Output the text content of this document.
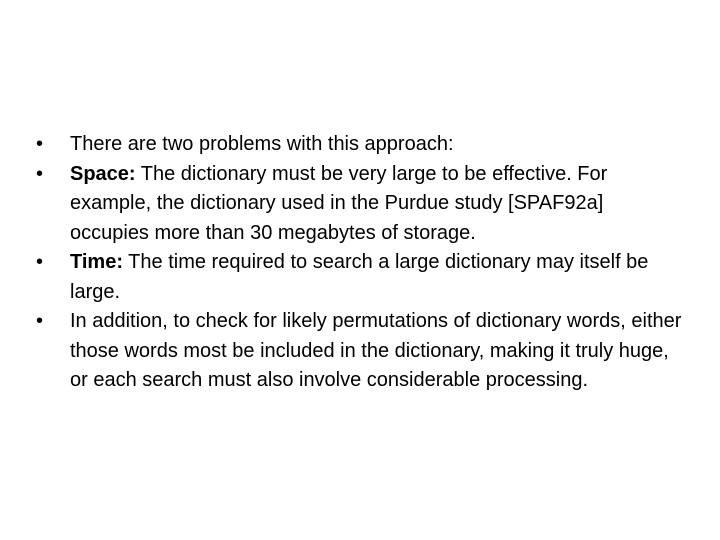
•	There are two problems with this approach:
•	Space: The dictionary must be very large to be effective. For example, the dictionary used in the Purdue study [SPAF92a] occupies more than 30 megabytes of storage.
•	Time: The time required to search a large dictionary may itself be large.
•	In addition, to check for likely permutations of dictionary words, either those words most be included in the dictionary, making it truly huge, or each search must also involve considerable processing.
